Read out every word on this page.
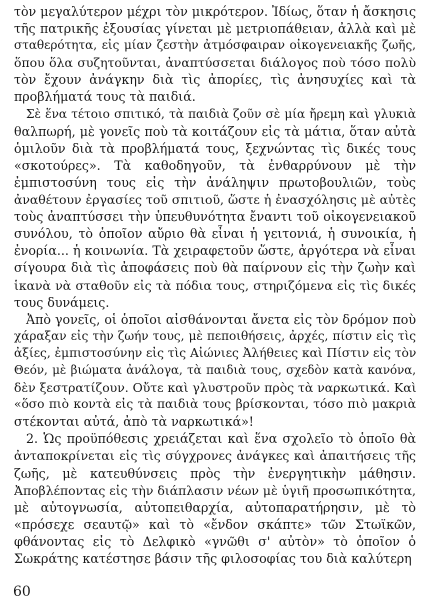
τὸν μεγαλύτερον μέχρι τὸν μικρότερον. Ἰδίως, ὅταν ἡ ἄσκησις
τῆς πατρικῆς ἐξουσίας γίνεται μὲ μετριοπάθειαν, ἀλλὰ καὶ μὲ
σταθερότητα, εἰς μίαν ζεστὴν ἀτμόσφαιραν οἰκογενειακῆς ζωῆς,
ὅπου ὅλα συζητοῦνται, ἀναπτύσσεται διάλογος ποὺ τόσο πολὺ
τὸν ἔχουν ἀνάγκην διὰ τὶς ἀπορίες, τὶς ἀνησυχίες καὶ τὰ
προβλήματά τους τὰ παιδιά.
Σὲ ἕνα τέτοιο σπιτικό, τὰ παιδιὰ ζοῦν σὲ μία ἤρεμη καὶ γλυκιὰ
θαλπωρή, μὲ γονεῖς ποὺ τὰ κοιτάζουν εἰς τὰ μάτια, ὅταν αὐτὰ
ὁμιλοῦν διὰ τὰ προβλήματά τους, ξεχνώντας τὶς δικές τους
«σκοτούρες». Τὰ καθοδηγοῦν, τὰ ἐνθαρρύνουν μὲ τὴν
ἐμπιστοσύνη τους εἰς τὴν ἀνάληψιν πρωτοβουλιῶν, τοὺς
ἀναθέτουν ἐργασίες τοῦ σπιτιοῦ, ὥστε ἡ ἐνασχόλησις μὲ αὐτὲς
τοὺς ἀναπτύσσει τὴν ὑπευθυνότητα ἔναντι τοῦ οἰκογενειακοῦ
συνόλου, τὸ ὁποῖον αὔριο θὰ εἶναι ἡ γειτονιά, ἡ συνοικία, ἡ
ἐνορία... ἡ κοινωνία. Τὰ χειραφετοῦν ὥστε, ἀργότερα νὰ εἶναι
σίγουρα διὰ τὶς ἀποφάσεις ποὺ θὰ παίρνουν εἰς τὴν ζωὴν καὶ
ἱκανὰ νὰ σταθοῦν εἰς τὰ πόδια τους, στηριζόμενα εἰς τὶς δικές
τους δυνάμεις.
Ἀπὸ γονεῖς, οἱ ὁποῖοι αἰσθάνονται ἄνετα εἰς τὸν δρόμον ποὺ
χάραξαν εἰς τὴν ζωήν τους, μὲ πεποιθήσεις, ἀρχές, πίστιν εἰς τὶς
ἀξίες, ἐμπιστοσύνην εἰς τὶς Αἰώνιες Ἀλήθειες καὶ Πίστιν εἰς τὸν
Θεόν, μὲ βιώματα ἀνάλογα, τὰ παιδιὰ τους, σχεδὸν κατὰ κανόνα,
δὲν ξεστρατίζουν. Οὔτε καὶ γλυστροῦν πρὸς τὰ ναρκωτικά. Καὶ
«ὅσο πιὸ κοντὰ εἰς τὰ παιδιὰ τους βρίσκονται, τόσο πιὸ μακριὰ
στέκονται αὐτά, ἀπὸ τὰ ναρκωτικά»!
2. Ὡς προϋπόθεσις χρειάζεται καὶ ἕνα σχολεῖο τὸ ὁποῖο θὰ
ἀνταποκρίνεται εἰς τὶς σύγχρονες ἀνάγκες καὶ ἀπαιτήσεις τῆς
ζωῆς, μὲ κατευθύνσεις πρὸς τὴν ἐνεργητικὴν μάθησιν.
Ἀποβλέποντας εἰς τὴν διάπλασιν νέων μὲ ὑγιῆ προσωπικότητα,
μὲ αὐτογνωσία, αὐτοπειθαρχία, αὐτοπαρατήρησιν, μὲ τὸ
«πρόσεχε σεαυτῷ» καὶ τὸ «ἔνδον σκάπτε» τῶν Στωϊκῶν,
φθάνοντας εἰς τὸ Δελφικὸ «γνῶθι σ' αὐτὸν» τὸ ὁποῖον ὁ
Σωκράτης κατέστησε βάσιν τῆς φιλοσοφίας του διὰ καλύτερη
60
